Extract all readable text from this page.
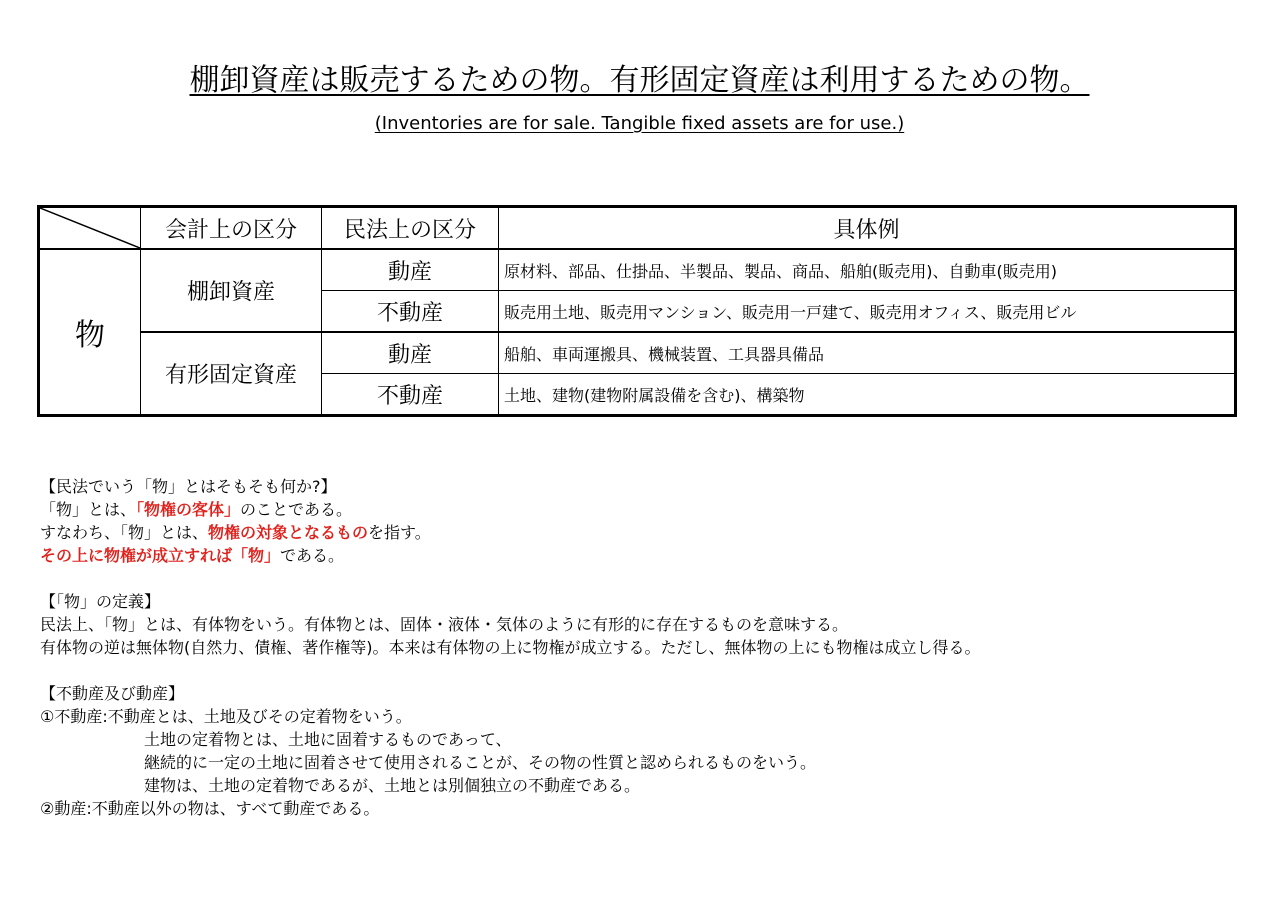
棚卸資産は販売するための物。有形固定資産は利用するための物。
(Inventories are for sale. Tangible fixed assets are for use.)
	会計上の区分	民法上の区分	具体例
物	棚卸資産	動産	原材料、部品、仕掛品、半製品、製品、商品、船舶(販売用)、自動車(販売用)
		不動産	販売用土地、販売用マンション、販売用一戸建て、販売用オフィス、販売用ビル
	有形固定資産	動産	船舶、車両運搬具、機械装置、工具器具備品
		不動産	土地、建物(建物附属設備を含む)、構築物

【民法でいう「物」とはそもそも何か?】

「物」とは、「物権の客体」のことである。

すなわち、「物」とは、物権の対象となるものを指す。

その上に物権が成立すれば「物」である。

【「物」の定義】

民法上、「物」とは、有体物をいう。有体物とは、固体・液体・気体のように有形的に存在するものを意味する。

有体物の逆は無体物(自然力、債権、著作権等)。本来は有体物の上に物権が成立する。ただし、無体物の上にも物権は成立し得る。

【不動産及び動産】

①不動産:不動産とは、土地及びその定着物をいう。

土地の定着物とは、土地に固着するものであって、

継続的に一定の土地に固着させて使用されることが、その物の性質と認められるものをいう。

建物は、土地の定着物であるが、土地とは別個独立の不動産である。

②動産:不動産以外の物は、すべて動産である。
